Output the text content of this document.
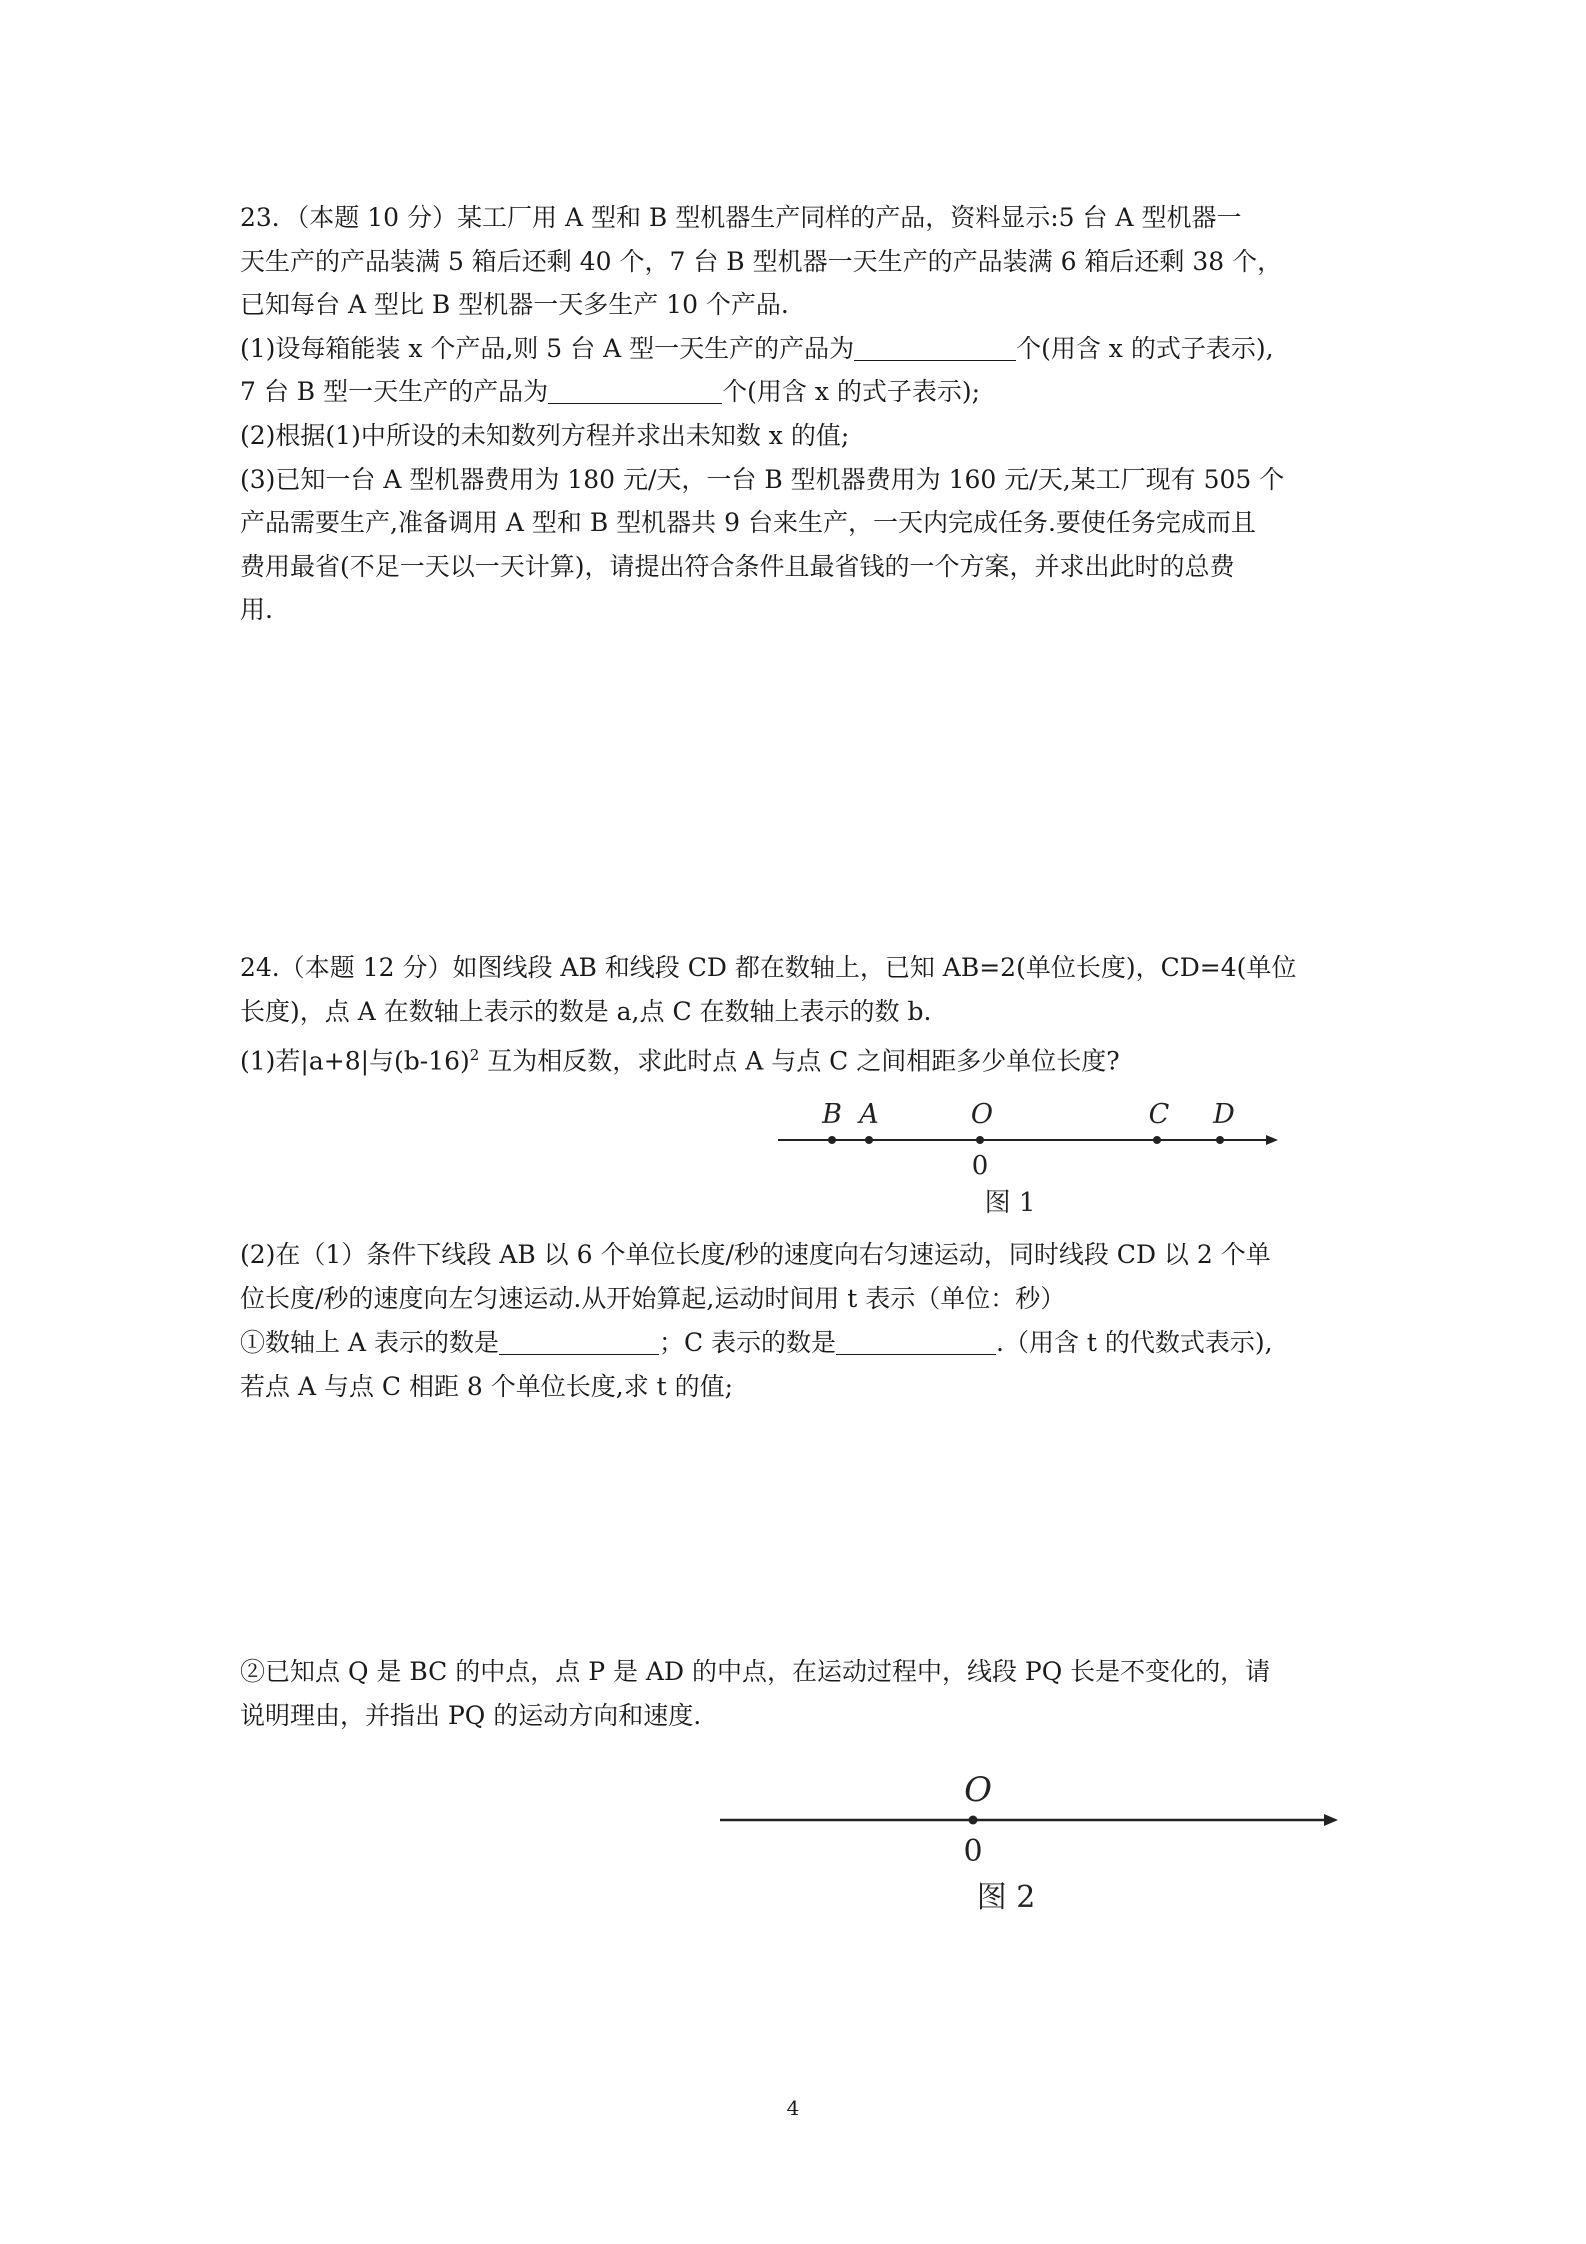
23．（本题 10 分）某工厂用 A 型和 B 型机器生产同样的产品，资料显示:5 台 A 型机器一
天生产的产品装满 5 箱后还剩 40 个，7 台 B 型机器一天生产的产品装满 6 箱后还剩 38 个，
已知每台 A 型比 B 型机器一天多生产 10 个产品.
(1)设每箱能装 x 个产品,则 5 台 A 型一天生产的产品为	个(用含 x 的式子表示),
7 台 B 型一天生产的产品为	个(用含 x 的式子表示);
(2)根据(1)中所设的未知数列方程并求出未知数 x 的值;
(3)已知一台 A 型机器费用为 180 元/天，一台 B 型机器费用为 160 元/天,某工厂现有 505 个
产品需要生产,准备调用 A 型和 B 型机器共 9 台来生产，一天内完成任务.要使任务完成而且
费用最省(不足一天以一天计算)，请提出符合条件且最省钱的一个方案，并求出此时的总费
用.
24.（本题 12 分）如图线段 AB 和线段 CD 都在数轴上，已知 AB=2(单位长度)，CD=4(单位
长度)，点 A 在数轴上表示的数是 a,点 C 在数轴上表示的数 b.
(1)若|a+8|与$(b-16)^2$ 互为相反数，求此时点 A 与点 C 之间相距多少单位长度?
B A	O	C D
0
图 1
(2)在（1）条件下线段 AB 以 6 个单位长度/秒的速度向右匀速运动，同时线段 CD 以 2 个单
位长度/秒的速度向左匀速运动.从开始算起,运动时间用 t 表示（单位：秒）
①数轴上 A 表示的数是	；C 表示的数是	.（用含 t 的代数式表示),
若点 A 与点 C 相距 8 个单位长度,求 t 的值;
②已知点 Q 是 BC 的中点，点 P 是 AD 的中点，在运动过程中，线段 PQ 长是不变化的，请
说明理由，并指出 PQ 的运动方向和速度.
O
0
图 2
4
